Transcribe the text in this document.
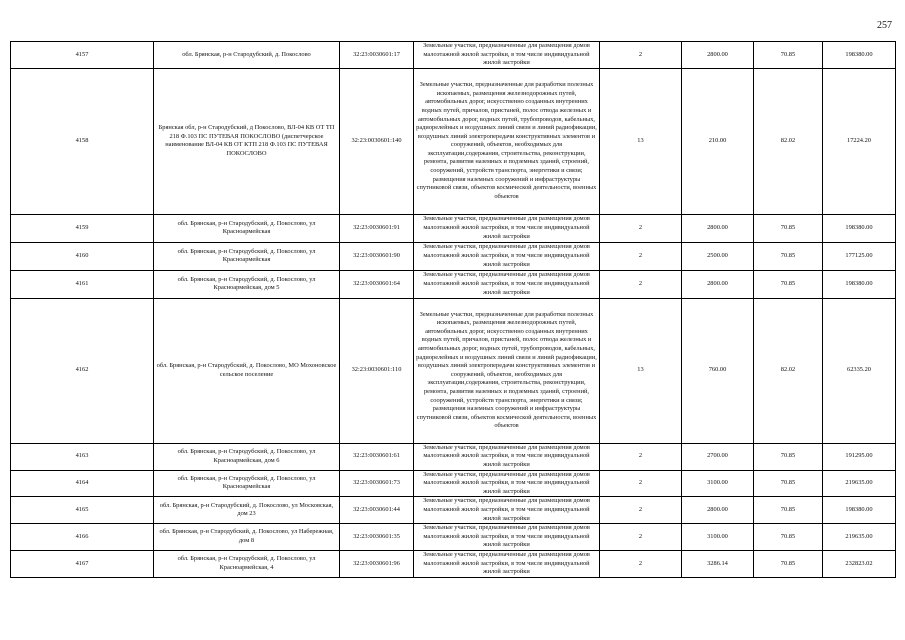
257
4157	обл. Брянская, р-н Стародубский, д. Покослово	32:23:0030601:17	Земельные участки, предназначенные для размещения домов малоэтажной жилой застройки, в том числе индивидуальной жилой застройки	2	2800.00	70.85	198380.00
4158	Брянская обл, р-н Стародубский, д Покослово, ВЛ-04 КВ ОТ ТП 218 Ф.103 ПС ПУТЕВАЯ ПОКОСЛОВО (диспетчерское наименование ВЛ-04 КВ ОТ КТП 218 Ф.103 ПС ПУТЕВАЯ ПОКОСЛОВО	32:23:0030601:140	Земельные участки, предназначенные для разработки полезных ископаемых, размещения железнодорожных путей, автомобильных дорог, искусственно созданных внутренних водных путей, причалов, пристаней, полос отвода железных и автомобильных дорог, водных путей, трубопроводов, кабельных, радиорелейных и воздушных линий связи и линий радиофикации, воздушных линий электропередачи конструктивных элементов и сооружений, объектов, необходимых для эксплуатации,содержания, строительства, реконструкции, ремонта, развития наземных и подземных зданий, строений, сооружений, устройств транспорта, энергетики и связи; размещения наземных сооружений и инфраструктуры спутниковой связи, объектов космической деятельности, военных объектов	13	210.00	82.02	17224.20
4159	обл. Брянская, р-н Стародубский, д. Покослово, ул Красноармейская	32:23:0030601:91	Земельные участки, предназначенные для размещения домов малоэтажной жилой застройки, в том числе индивидуальной жилой застройки	2	2800.00	70.85	198380.00
4160	обл. Брянская, р-н Стародубский, д. Покослово, ул Красноармейская	32:23:0030601:90	Земельные участки, предназначенные для размещения домов малоэтажной жилой застройки, в том числе индивидуальной жилой застройки	2	2500.00	70.85	177125.00
4161	обл. Брянская, р-н Стародубский, д. Покослово, ул Красноармейская, дом 5	32:23:0030601:64	Земельные участки, предназначенные для размещения домов малоэтажной жилой застройки, в том числе индивидуальной жилой застройки	2	2800.00	70.85	198380.00
4162	обл. Брянская, р-н Стародубский, д. Покослово, МО Мохоновское сельское поселение	32:23:0030601:110	Земельные участки, предназначенные для разработки полезных ископаемых, размещения железнодорожных путей, автомобильных дорог, искусственно созданных внутренних водных путей, причалов, пристаней, полос отвода железных и автомобильных дорог, водных путей, трубопроводов, кабельных, радиорелейных и воздушных линий связи и линий радиофикации, воздушных линий электропередачи конструктивных элементов и сооружений, объектов, необходимых для эксплуатации,содержания, строительства, реконструкции, ремонта, развития наземных и подземных зданий, строений, сооружений, устройств транспорта, энергетики и связи; размещения наземных сооружений и инфраструктуры спутниковой связи, объектов космической деятельности, военных объектов	13	760.00	82.02	62335.20
4163	обл. Брянская, р-н Стародубский, д. Покослово, ул Красноармейская, дом 6	32:23:0030601:61	Земельные участки, предназначенные для размещения домов малоэтажной жилой застройки, в том числе индивидуальной жилой застройки	2	2700.00	70.85	191295.00
4164	обл. Брянская, р-н Стародубский, д. Покослово, ул Красноармейская	32:23:0030601:73	Земельные участки, предназначенные для размещения домов малоэтажной жилой застройки, в том числе индивидуальной жилой застройки	2	3100.00	70.85	219635.00
4165	обл. Брянская, р-н Стародубский, д. Покослово, ул Московская, дом 23	32:23:0030601:44	Земельные участки, предназначенные для размещения домов малоэтажной жилой застройки, в том числе индивидуальной жилой застройки	2	2800.00	70.85	198380.00
4166	обл. Брянская, р-н Стародубский, д. Покослово, ул Набережная, дом 8	32:23:0030601:35	Земельные участки, предназначенные для размещения домов малоэтажной жилой застройки, в том числе индивидуальной жилой застройки	2	3100.00	70.85	219635.00
4167	обл. Брянская, р-н Стародубский, д. Покослово, ул Красноармейская, 4	32:23:0030601:96	Земельные участки, предназначенные для размещения домов малоэтажной жилой застройки, в том числе индивидуальной жилой застройки	2	3286.14	70.85	232823.02
